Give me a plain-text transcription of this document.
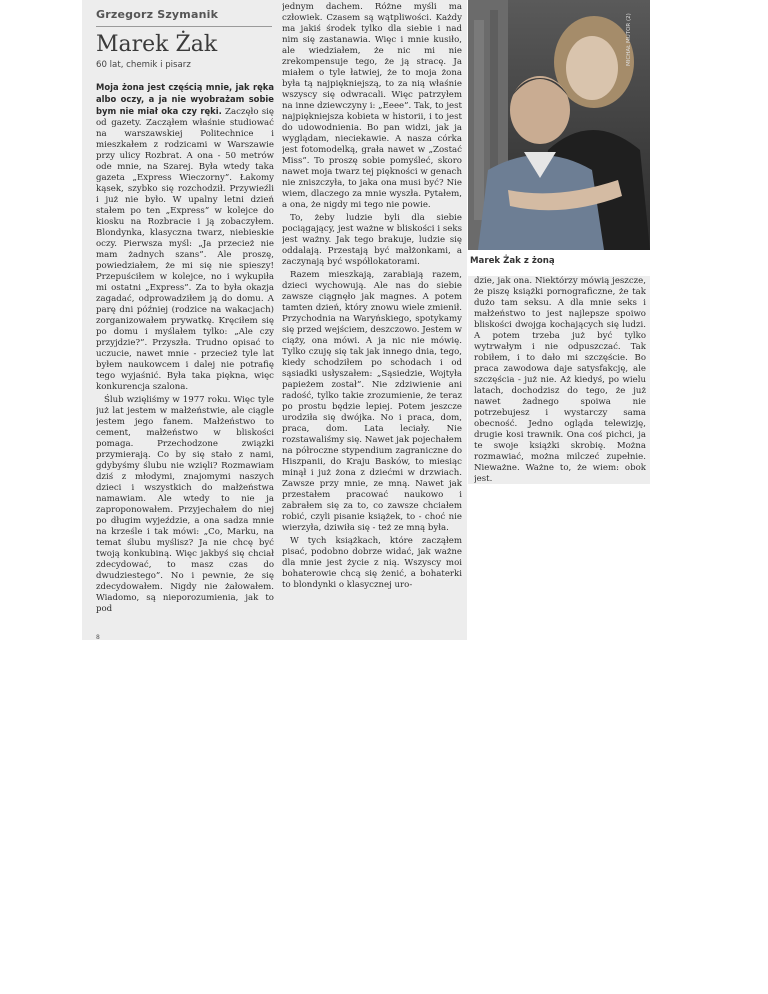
Grzegorz Szymanik
Marek Żak
60 lat, chemik i pisarz

Moja żona jest częścią mnie, jak ręka albo oczy, a ja nie wyobrażam sobie bym nie miał oka czy ręki. Zaczęło się od gazety. Zacząłem właśnie studiować na warszawskiej Politechnice i mieszkałem z rodzicami w Warszawie przy ulicy Rozbrat. A ona - 50 metrów ode mnie, na Szarej. Była wtedy taka gazeta „Express Wieczorny”. Łakomy kąsek, szybko się rozchodził. Przywieźli i już nie było. W upalny letni dzień stałem po ten „Express” w kolejce do kiosku na Rozbracie i ją zobaczyłem. Blondynka, klasyczna twarz, niebieskie oczy. Pierwsza myśl: „Ja przecież nie mam żadnych szans”. Ale proszę, powiedziałem, że mi się nie spieszy! Przepuściłem w kolejce, no i wykupiła mi ostatni „Express”. Za to była okazja zagadać, odprowadziłem ją do domu. A parę dni później (rodzice na wakacjach) zorganizowałem prywatkę. Kręciłem się po domu i myślałem tylko: „Ale czy przyjdzie?”. Przyszła. Trudno opisać to uczucie, nawet mnie - przecież tyle lat byłem naukowcem i dalej nie potrafię tego wyjaśnić. Była taka piękna, więc konkurencja szalona.

Ślub wzięliśmy w 1977 roku. Więc tyle już lat jestem w małżeństwie, ale ciągle jestem jego fanem. Małżeństwo to cement, małżeństwo w bliskości pomaga. Przechodzone związki przymierają. Co by się stało z nami, gdybyśmy ślubu nie wzięli? Rozmawiam dziś z młodymi, znajomymi naszych dzieci i wszystkich do małżeństwa namawiam. Ale wtedy to nie ja zaproponowałem. Przyjechałem do niej po długim wyjeździe, a ona sadza mnie na krześle i tak mówi: „Co, Marku, na temat ślubu myślisz? Ja nie chcę być twoją konkubiną. Więc jakbyś się chciał zdecydować, to masz czas do dwudziestego”. No i pewnie, że się zdecydowałem. Nigdy nie żałowałem. Wiadomo, są nieporozumienia, jak to pod

jednym dachem. Różne myśli ma człowiek. Czasem są wątpliwości. Każdy ma jakiś środek tylko dla siebie i nad nim się zastanawia. Więc i mnie kusiło, ale wiedziałem, że nic mi nie zrekompensuje tego, że ją stracę. Ja miałem o tyle łatwiej, że to moja żona była tą najpiękniejszą, to za nią właśnie wszyscy się odwracali. Więc patrzyłem na inne dziewczyny i: „Eeee”. Tak, to jest najpiękniejsza kobieta w historii, i to jest do udowodnienia. Bo pan widzi, jak ja wyglądam, nieciekawie. A nasza córka jest fotomodelką, grała nawet w „Zostać Miss”. To proszę sobie pomyśleć, skoro nawet moja twarz tej piękności w genach nie zniszczyła, to jaka ona musi być? Nie wiem, dlaczego za mnie wyszła. Pytałem, a ona, że nigdy mi tego nie powie.

To, żeby ludzie byli dla siebie pociągający, jest ważne w bliskości i seks jest ważny. Jak tego brakuje, ludzie się oddalają. Przestają być małżonkami, a zaczynają być współlokatorami.

Razem mieszkają, zarabiają razem, dzieci wychowują. Ale nas do siebie zawsze ciągnęło jak magnes. A potem tamten dzień, który znowu wiele zmienił. Przychodnia na Waryńskiego, spotykamy się przed wejściem, deszczowo. Jestem w ciąży, ona mówi. A ja nic nie mówię. Tylko czuję się tak jak innego dnia, tego, kiedy schodziłem po schodach i od sąsiadki usłyszałem: „Sąsiedzie, Wojtyła papieżem został”. Nie zdziwienie ani radość, tylko takie zrozumienie, że teraz po prostu będzie lepiej. Potem jeszcze urodziła się dwójka. No i praca, dom, praca, dom. Lata leciały. Nie rozstawaliśmy się. Nawet jak pojechałem na półroczne stypendium zagraniczne do Hiszpanii, do Kraju Basków, to miesiąc minął i już żona z dziećmi w drzwiach. Zawsze przy mnie, ze mną. Nawet jak przestałem pracować naukowo i zabrałem się za to, co zawsze chciałem robić, czyli pisanie książek, to - choć nie wierzyła, dziwiła się - też ze mną była.

W tych książkach, które zacząłem pisać, podobno dobrze widać, jak ważne dla mnie jest życie z nią. Wszyscy moi bohaterowie chcą się żenić, a bohaterki to blondynki o klasycznej uro-

MICHAŁ MUTOR (2)
Marek Żak z żoną

dzie, jak ona. Niektórzy mówią jeszcze, że piszę książki pornograficzne, że tak dużo tam seksu. A dla mnie seks i małżeństwo to jest najlepsze spoiwo bliskości dwojga kochających się ludzi. A potem trzeba już być tylko wytrwałym i nie odpuszczać. Tak robiłem, i to dało mi szczęście. Bo praca zawodowa daje satysfakcję, ale szczęścia - już nie. Aż kiedyś, po wielu latach, dochodzisz do tego, że już nawet żadnego spoiwa nie potrzebujesz i wystarczy sama obecność. Jedno ogląda telewizję, drugie kosi trawnik. Ona coś pichci, ja te swoje książki skrobię. Można rozmawiać, można milczeć zupełnie. Nieważne. Ważne to, że wiem: obok jest.

8
